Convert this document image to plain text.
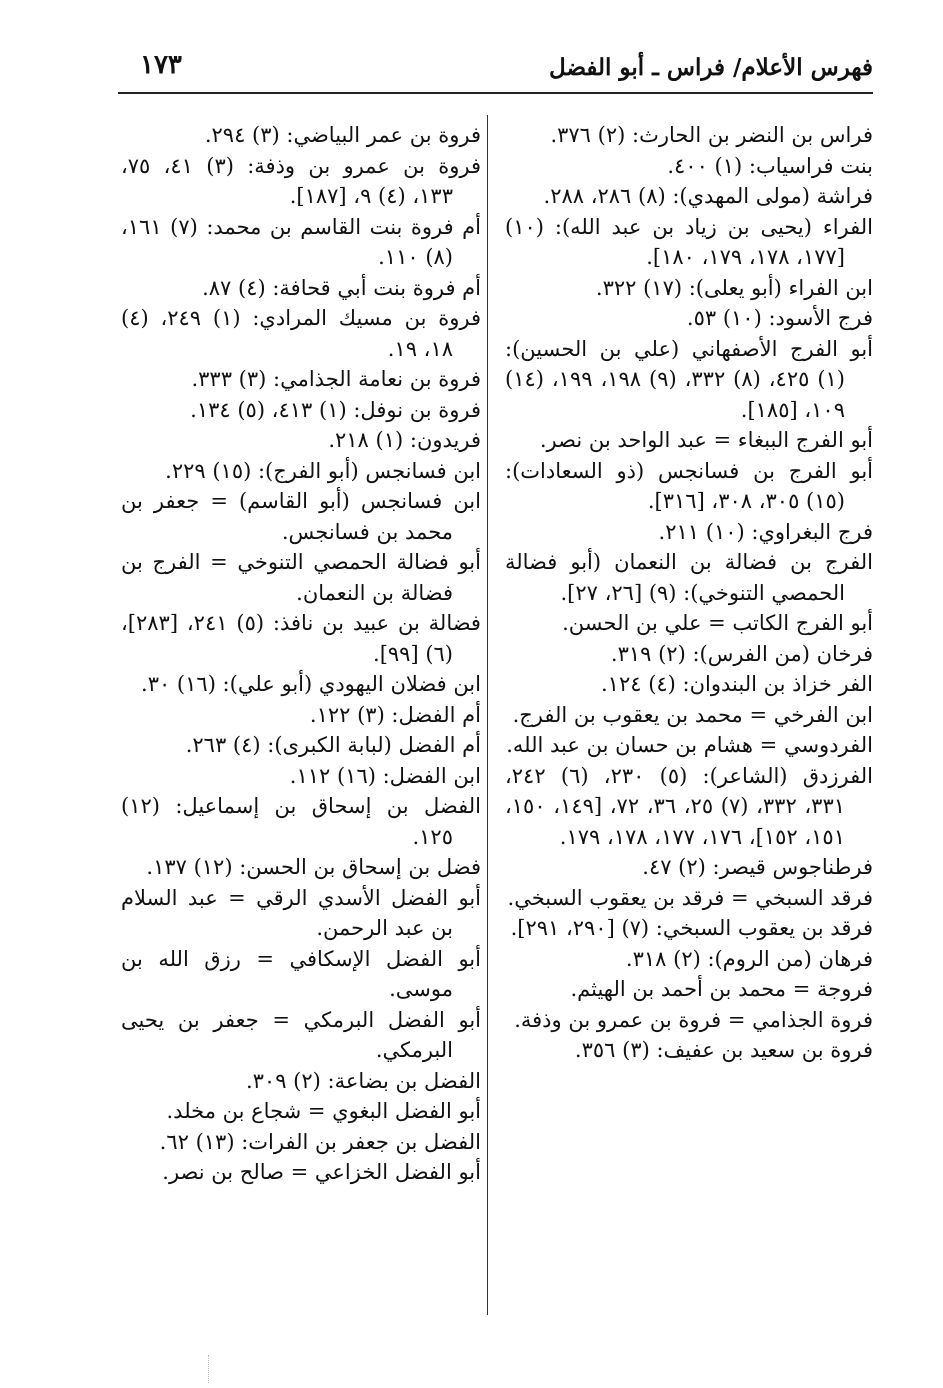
فهرس الأعلام/ فراس ـ أبو الفضل
١٧٣
فراس بن النضر بن الحارث: (٢) ٣٧٦.
بنت فراسياب: (١) ٤٠٠.
فراشة (مولى المهدي): (٨) ٢٨٦، ٢٨٨.
الفراء (يحيى بن زياد بن عبد الله): (١٠) [١٧٧، ١٧٨، ١٧٩، ١٨٠].
ابن الفراء (أبو يعلى): (١٧) ٣٢٢.
فرج الأسود: (١٠) ٥٣.
أبو الفرج الأصفهاني (علي بن الحسين): (١) ٤٢٥، (٨) ٣٣٢، (٩) ١٩٨، ١٩٩، (١٤) ١٠٩، [١٨٥].
أبو الفرج الببغاء = عبد الواحد بن نصر.
أبو الفرج بن فسانجس (ذو السعادات): (١٥) ٣٠٥، ٣٠٨، [٣١٦].
فرج البغراوي: (١٠) ٢١١.
الفرج بن فضالة بن النعمان (أبو فضالة الحمصي التنوخي): (٩) [٢٦، ٢٧].
أبو الفرج الكاتب = علي بن الحسن.
فرخان (من الفرس): (٢) ٣١٩.
الفر خزاذ بن البندوان: (٤) ١٢٤.
ابن الفرخي = محمد بن يعقوب بن الفرج.
الفردوسي = هشام بن حسان بن عبد الله.
الفرزدق (الشاعر): (٥) ٢٣٠، (٦) ٢٤٢، ٣٣١، ٣٣٢، (٧) ٢٥، ٣٦، ٧٢، [١٤٩، ١٥٠، ١٥١، ١٥٢]، ١٧٦، ١٧٧، ١٧٨، ١٧٩.
فرطناجوس قيصر: (٢) ٤٧.
فرقد السبخي = فرقد بن يعقوب السبخي.
فرقد بن يعقوب السبخي: (٧) [٢٩٠، ٢٩١].
فرهان (من الروم): (٢) ٣١٨.
فروجة = محمد بن أحمد بن الهيثم.
فروة الجذامي = فروة بن عمرو بن وذفة.
فروة بن سعيد بن عفيف: (٣) ٣٥٦.
فروة بن عمر البياضي: (٣) ٢٩٤.
فروة بن عمرو بن وذفة: (٣) ٤١، ٧٥، ١٣٣، (٤) ٩، [١٨٧].
أم فروة بنت القاسم بن محمد: (٧) ١٦١، (٨) ١١٠.
أم فروة بنت أبي قحافة: (٤) ٨٧.
فروة بن مسيك المرادي: (١) ٢٤٩، (٤) ١٨، ١٩.
فروة بن نعامة الجذامي: (٣) ٣٣٣.
فروة بن نوفل: (١) ٤١٣، (٥) ١٣٤.
فريدون: (١) ٢١٨.
ابن فسانجس (أبو الفرج): (١٥) ٢٢٩.
ابن فسانجس (أبو القاسم) = جعفر بن محمد بن فسانجس.
أبو فضالة الحمصي التنوخي = الفرج بن فضالة بن النعمان.
فضالة بن عبيد بن نافذ: (٥) ٢٤١، [٢٨٣]، (٦) [٩٩].
ابن فضلان اليهودي (أبو علي): (١٦) ٣٠.
أم الفضل: (٣) ١٢٢.
أم الفضل (لبابة الكبرى): (٤) ٢٦٣.
ابن الفضل: (١٦) ١١٢.
الفضل بن إسحاق بن إسماعيل: (١٢) ١٢٥.
فضل بن إسحاق بن الحسن: (١٢) ١٣٧.
أبو الفضل الأسدي الرقي = عبد السلام بن عبد الرحمن.
أبو الفضل الإسكافي = رزق الله بن موسى.
أبو الفضل البرمكي = جعفر بن يحيى البرمكي.
الفضل بن بضاعة: (٢) ٣٠٩.
أبو الفضل البغوي = شجاع بن مخلد.
الفضل بن جعفر بن الفرات: (١٣) ٦٢.
أبو الفضل الخزاعي = صالح بن نصر.
